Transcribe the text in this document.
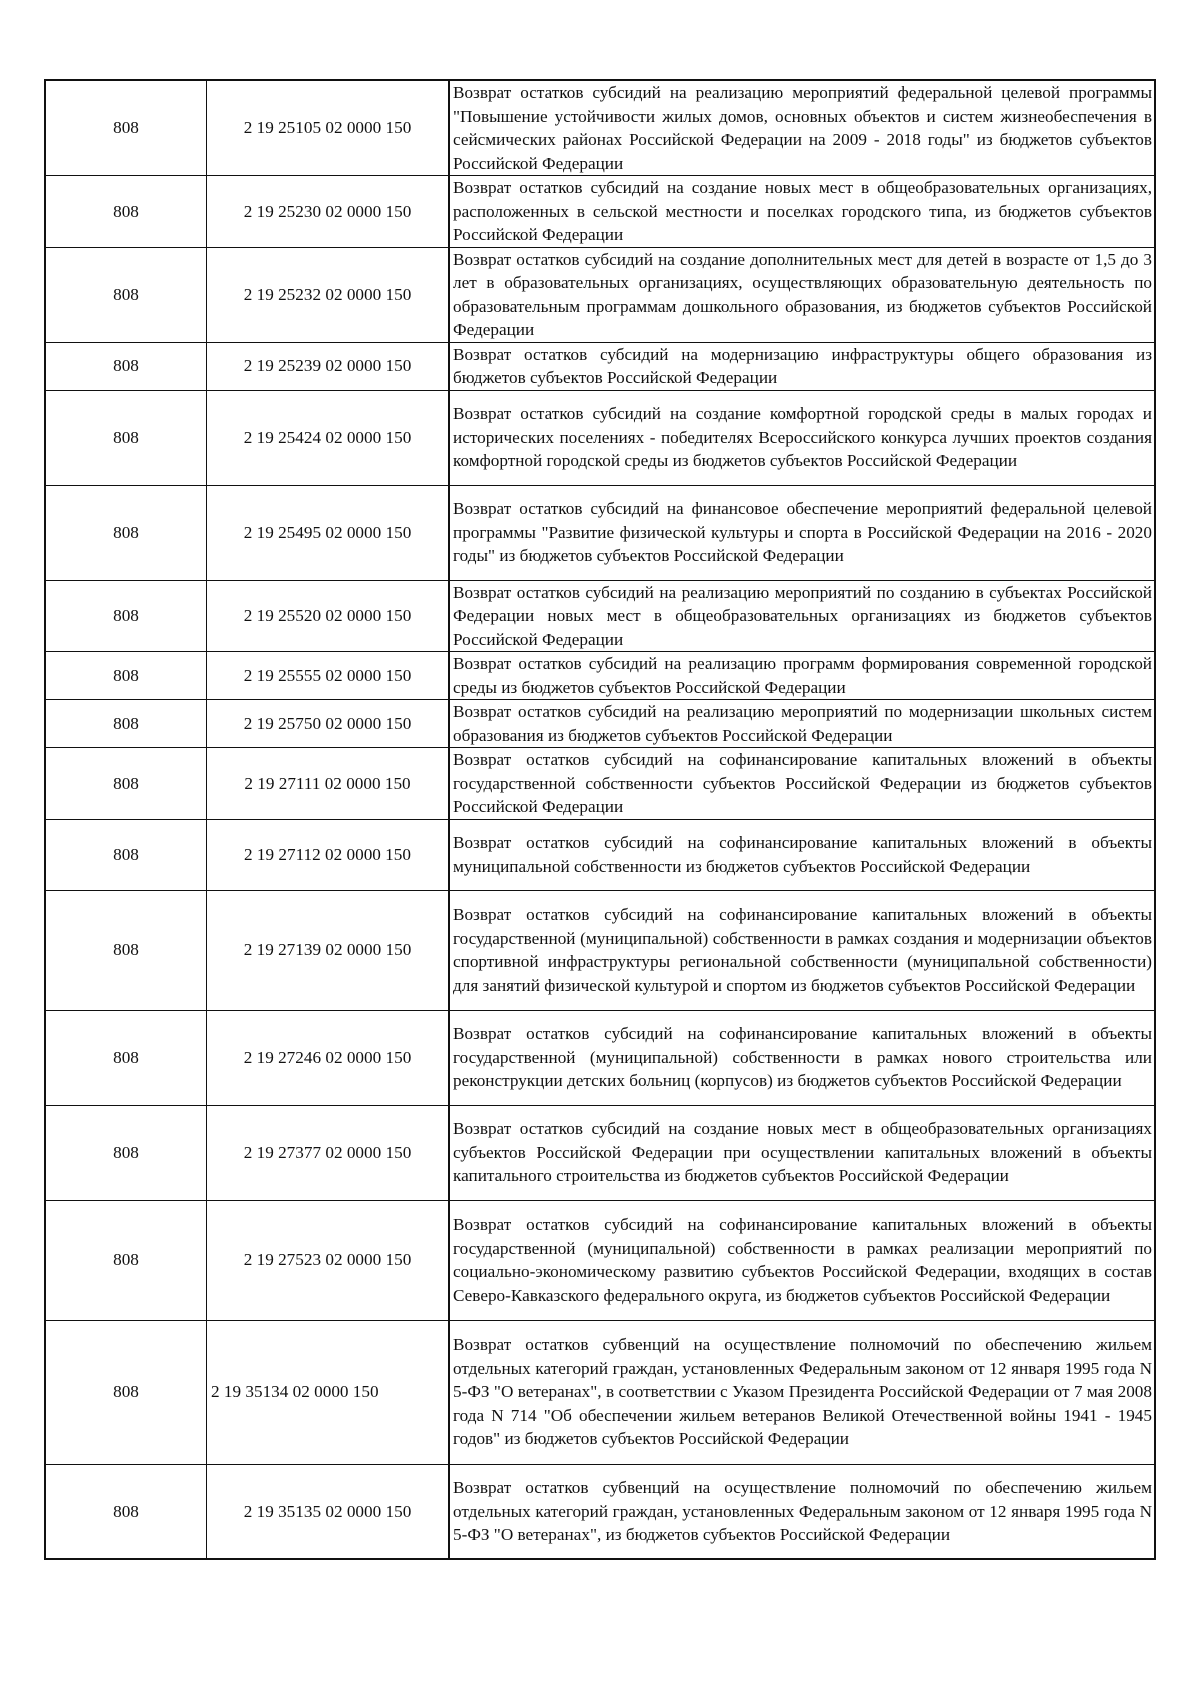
808	2 19 25105 02 0000 150	Возврат остатков субсидий на реализацию мероприятий федеральной целевой программы "Повышение устойчивости жилых домов, основных объектов и систем жизнеобеспечения в сейсмических районах Российской Федерации на 2009 - 2018 годы" из бюджетов субъектов Российской Федерации
808	2 19 25230 02 0000 150	Возврат остатков субсидий на создание новых мест в общеобразовательных организациях, расположенных в сельской местности и поселках городского типа, из бюджетов субъектов Российской Федерации
808	2 19 25232 02 0000 150	Возврат остатков субсидий на создание дополнительных мест для детей в возрасте от 1,5 до 3 лет в образовательных организациях, осуществляющих образовательную деятельность по образовательным программам дошкольного образования, из бюджетов субъектов Российской Федерации
808	2 19 25239 02 0000 150	Возврат остатков субсидий на модернизацию инфраструктуры общего образования из бюджетов субъектов Российской Федерации
808	2 19 25424 02 0000 150	Возврат остатков субсидий на создание комфортной городской среды в малых городах и исторических поселениях - победителях Всероссийского конкурса лучших проектов создания комфортной городской среды из бюджетов субъектов Российской Федерации
808	2 19 25495 02 0000 150	Возврат остатков субсидий на финансовое обеспечение мероприятий федеральной целевой программы "Развитие физической культуры и спорта в Российской Федерации на 2016 - 2020 годы" из бюджетов субъектов Российской Федерации
808	2 19 25520 02 0000 150	Возврат остатков субсидий на реализацию мероприятий по созданию в субъектах Российской Федерации новых мест в общеобразовательных организациях из бюджетов субъектов Российской Федерации
808	2 19 25555 02 0000 150	Возврат остатков субсидий на реализацию программ формирования современной городской среды из бюджетов субъектов Российской Федерации
808	2 19 25750 02 0000 150	Возврат остатков субсидий на реализацию мероприятий по модернизации школьных систем образования из бюджетов субъектов Российской Федерации
808	2 19 27111 02 0000 150	Возврат остатков субсидий на софинансирование капитальных вложений в объекты государственной собственности субъектов Российской Федерации из бюджетов субъектов Российской Федерации
808	2 19 27112 02 0000 150	Возврат остатков субсидий на софинансирование капитальных вложений в объекты муниципальной собственности из бюджетов субъектов Российской Федерации
808	2 19 27139 02 0000 150	Возврат остатков субсидий на софинансирование капитальных вложений в объекты государственной (муниципальной) собственности в рамках создания и модернизации объектов спортивной инфраструктуры региональной собственности (муниципальной собственности) для занятий физической культурой и спортом из бюджетов субъектов Российской Федерации
808	2 19 27246 02 0000 150	Возврат остатков субсидий на софинансирование капитальных вложений в объекты государственной (муниципальной) собственности в рамках нового строительства или реконструкции детских больниц (корпусов) из бюджетов субъектов Российской Федерации
808	2 19 27377 02 0000 150	Возврат остатков субсидий на создание новых мест в общеобразовательных организациях субъектов Российской Федерации при осуществлении капитальных вложений в объекты капитального строительства из бюджетов субъектов Российской Федерации
808	2 19 27523 02 0000 150	Возврат остатков субсидий на софинансирование капитальных вложений в объекты государственной (муниципальной) собственности в рамках реализации мероприятий по социально-экономическому развитию субъектов Российской Федерации, входящих в состав Северо-Кавказского федерального округа, из бюджетов субъектов Российской Федерации
808	2 19 35134 02 0000 150	Возврат остатков субвенций на осуществление полномочий по обеспечению жильем отдельных категорий граждан, установленных Федеральным законом от 12 января 1995 года N 5-ФЗ "О ветеранах", в соответствии с Указом Президента Российской Федерации от 7 мая 2008 года N 714 "Об обеспечении жильем ветеранов Великой Отечественной войны 1941 - 1945 годов" из бюджетов субъектов Российской Федерации
808	2 19 35135 02 0000 150	Возврат остатков субвенций на осуществление полномочий по обеспечению жильем отдельных категорий граждан, установленных Федеральным законом от 12 января 1995 года N 5-ФЗ "О ветеранах", из бюджетов субъектов Российской Федерации
